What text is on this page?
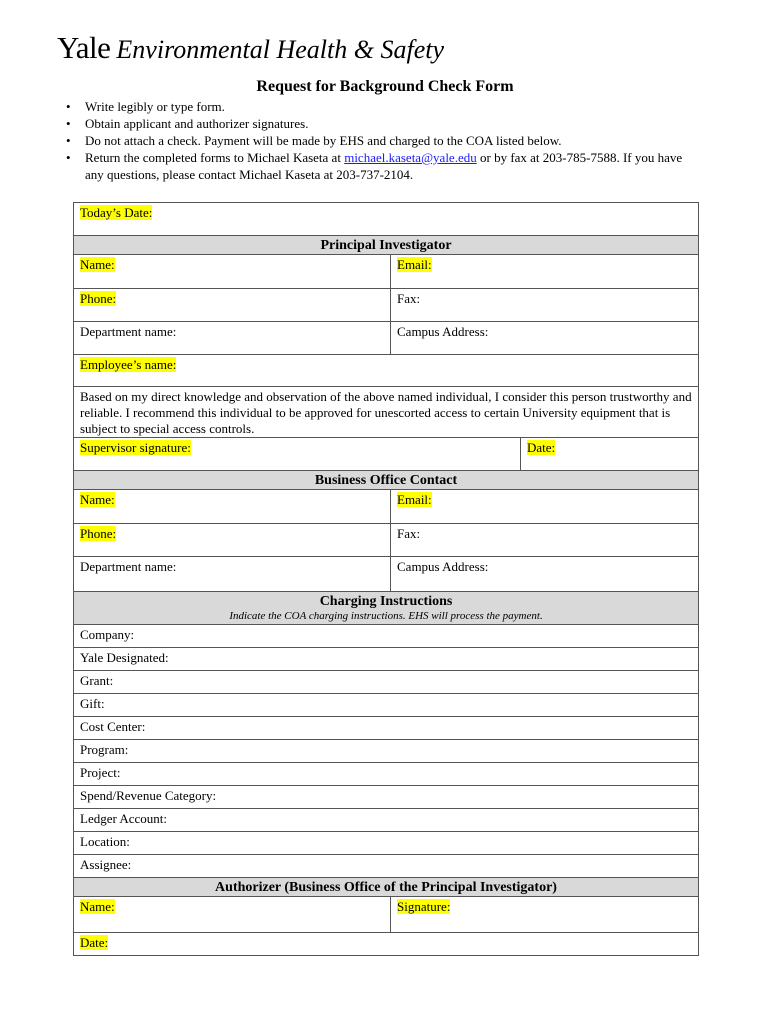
Yale Environmental Health & Safety
Request for Background Check Form
• Write legibly or type form.
• Obtain applicant and authorizer signatures.
• Do not attach a check. Payment will be made by EHS and charged to the COA listed below.
• Return the completed forms to Michael Kaseta at michael.kaseta@yale.edu or by fax at 203-785-7588. If you have any questions, please contact Michael Kaseta at 203-737-2104.
Today’s Date:		
Principal Investigator		
Name:	Email:	
Phone:	Fax:	
Department name:	Campus Address:	
Employee’s name:		
Based on my direct knowledge and observation of the above named individual, I consider this person trustworthy and reliable. I recommend this individual to be approved for unescorted access to certain University equipment that is subject to special access controls.		
Supervisor signature:		Date:
Business Office Contact		
Name:	Email:	
Phone:	Fax:	
Department name:	Campus Address:	

Charging Instructions
Indicate the COA charging instructions. EHS will process the payment.		

Company:		
Yale Designated:		
Grant:		
Gift:		
Cost Center:		
Program:		
Project:		
Spend/Revenue Category:		
Ledger Account:		
Location:		
Assignee:		
Authorizer (Business Office of the Principal Investigator)		
Name:	Signature:	
Date:		
